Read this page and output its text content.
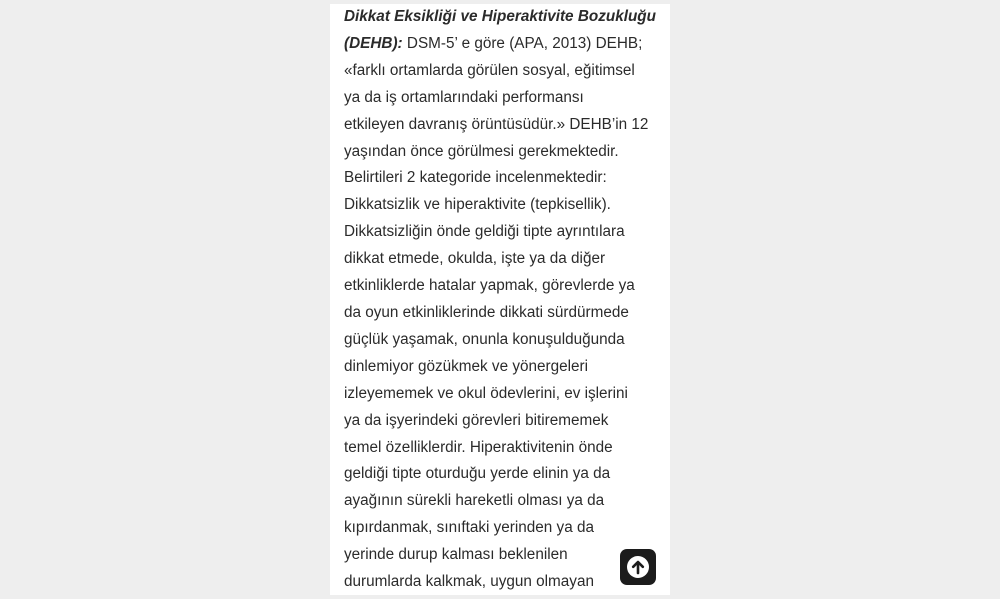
Dikkat Eksikliği ve Hiperaktivite Bozukluğu
(DEHB): DSM-5’ e göre (APA, 2013) DEHB;
«farklı ortamlarda görülen sosyal, eğitimsel
ya da iş ortamlarındaki performansı
etkileyen davranış örüntüsüdür.» DEHB’in 12
yaşından önce görülmesi gerekmektedir.
Belirtileri 2 kategoride incelenmektedir:
Dikkatsizlik ve hiperaktivite (tepkisellik).
Dikkatsizliğin önde geldiği tipte ayrıntılara
dikkat etmede, okulda, işte ya da diğer
etkinliklerde hatalar yapmak, görevlerde ya
da oyun etkinliklerinde dikkati sürdürmede
güçlük yaşamak, onunla konuşulduğunda
dinlemiyor gözükmek ve yönergeleri
izleyememek ve okul ödevlerini, ev işlerini
ya da işyerindeki görevleri bitirememek
temel özelliklerdir. Hiperaktivitenin önde
geldiği tipte oturduğu yerde elinin ya da
ayağının sürekli hareketli olması ya da
kıpırdanmak, sınıftaki yerinden ya da
yerinde durup kalması beklenilen
durumlarda kalkmak, uygun olmayan
